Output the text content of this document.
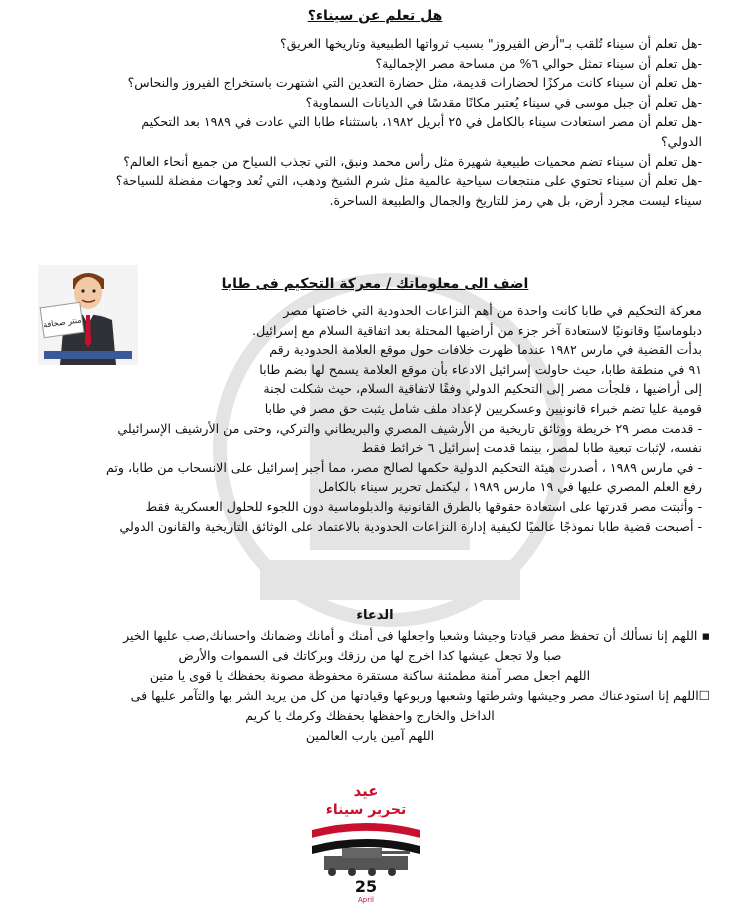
هل تعلم عن سيناء؟
-هل تعلم أن سيناء تُلقب بـ"أرض الفيروز" بسبب ثرواتها الطبيعية وتاريخها العريق؟
-هل تعلم أن سيناء تمثل حوالي ٦% من مساحة مصر الإجمالية؟
-هل تعلم أن سيناء كانت مركزًا لحضارات قديمة، مثل حضارة التعدين التي اشتهرت باستخراج الفيروز والنحاس؟
-هل تعلم أن جبل موسى في سيناء يُعتبر مكانًا مقدسًا في الديانات السماوية؟
-هل تعلم أن مصر استعادت سيناء بالكامل في ٢٥ أبريل ١٩٨٢، باستثناء طابا التي عادت في ١٩٨٩ بعد التحكيم
الدولي؟
-هل تعلم أن سيناء تضم محميات طبيعية شهيرة مثل رأس محمد ونبق، التي تجذب السياح من جميع أنحاء العالم؟
-هل تعلم أن سيناء تحتوي على منتجعات سياحية عالمية مثل شرم الشيخ ودهب، التي تُعد وجهات مفضلة للسياحة؟
سيناء ليست مجرد أرض، بل هي رمز للتاريخ والجمال والطبيعة الساحرة.
اضف الى معلوماتك / معركة التحكيم فى طابا
منتر صحافة
معركة التحكيم في طابا كانت واحدة من أهم النزاعات الحدودية التي خاضتها مصر
دبلوماسيًا وقانونيًا لاستعادة آخر جزء من أراضيها المحتلة بعد اتفاقية السلام مع إسرائيل.
بدأت القضية في مارس ١٩٨٢ عندما ظهرت خلافات حول موقع العلامة الحدودية رقم
٩١ في منطقة طابا، حيث حاولت إسرائيل الادعاء بأن موقع العلامة يسمح لها بضم طابا
إلى أراضيها ، فلجأت مصر إلى التحكيم الدولي وفقًا لاتفاقية السلام، حيث شكلت لجنة
قومية عليا تضم خبراء قانونيين وعسكريين لإعداد ملف شامل يثبت حق مصر في طابا
- قدمت مصر ٢٩ خريطة ووثائق تاريخية من الأرشيف المصري والبريطاني والتركي، وحتى من الأرشيف الإسرائيلي
نفسه، لإثبات تبعية طابا لمصر، بينما قدمت إسرائيل ٦ خرائط فقط
- في مارس ١٩٨٩ ، أصدرت هيئة التحكيم الدولية حكمها لصالح مصر، مما أجبر إسرائيل على الانسحاب من طابا، وتم
رفع العلم المصري عليها في ١٩ مارس ١٩٨٩ ، ليكتمل تحرير سيناء بالكامل
- وأثبتت مصر قدرتها على استعادة حقوقها بالطرق القانونية والدبلوماسية دون اللجوء للحلول العسكرية فقط
- أصبحت قضية طابا نموذجًا عالميًا لكيفية إدارة النزاعات الحدودية بالاعتماد على الوثائق التاريخية والقانون الدولي
الدعاء
▪ اللهم إنا نسألك أن تحفظ مصر قيادتا وجيشا وشعبا واجعلها فى أمنك و أمانك وضمانك واحسانك,صب عليها الخير
صبا ولا تجعل عيشها كدا اخرج لها من رزقك وبركاتك فى السموات والأرض
اللهم اجعل مصر آمنة مطمئنة ساكنة مستقرة محفوظة مصونة بحفظك يا قوى يا متين
☐اللهم إنا استودعناك مصر وجيشها وشرطتها وشعبها وربوعها وقيادتها من كل من يريد الشر بها والتآمر عليها فى
الداخل والخارج واحفظها بحفظك وكرمك يا كريم
اللهم آمين يارب العالمين
عيد
تحرير سيناء
25
April
